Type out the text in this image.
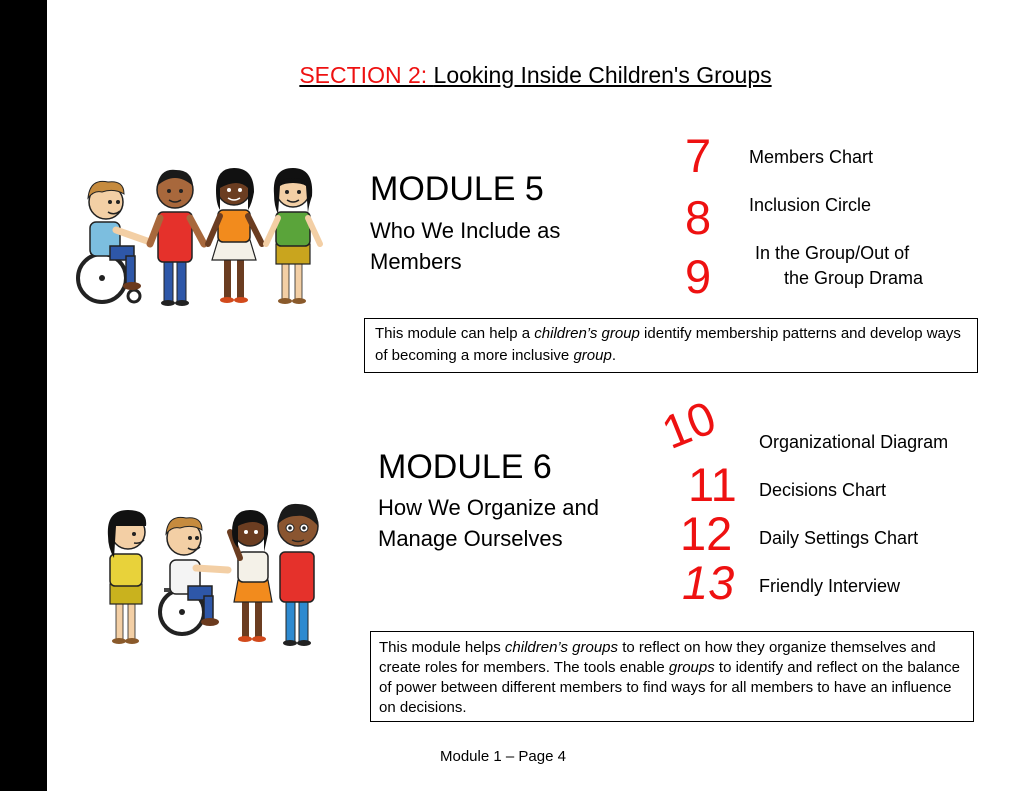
SECTION 2: Looking Inside Children's Groups
MODULE 5
Who We Include as
Members
7
8
9
Members Chart
Inclusion Circle
In the Group/Out of
the Group Drama
This module can help a children’s group identify membership patterns and develop ways of becoming a more inclusive group.
MODULE 6
How We Organize and
Manage Ourselves
10
11
12
13
Organizational Diagram
Decisions Chart
Daily Settings Chart
Friendly Interview
This module helps children’s groups to reflect on how they organize themselves and create roles for members. The tools enable groups to identify and reflect on the balance of power between different members to find ways for all members to have an influence on decisions.
Module 1 – Page 4
